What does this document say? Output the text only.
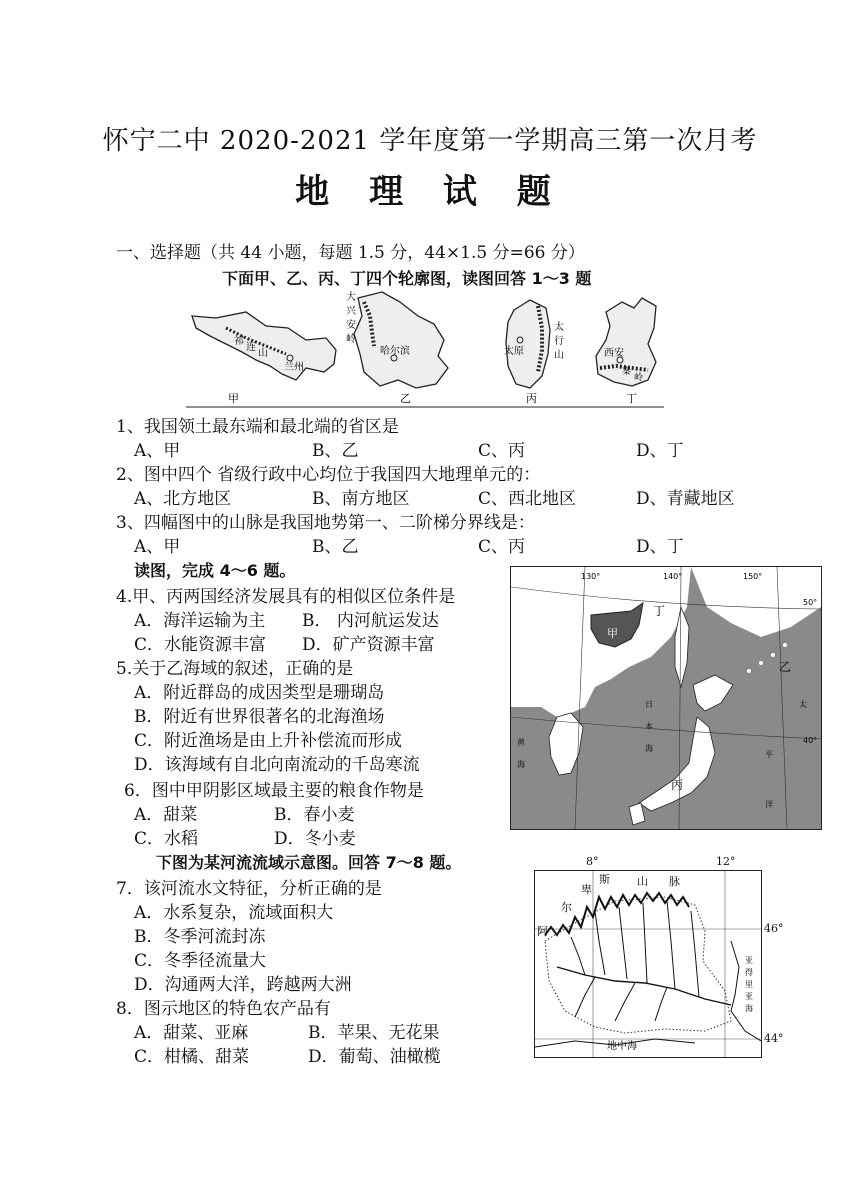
怀宁二中 2020-2021 学年度第一学期高三第一次月考
地 理 试 题
一、选择题（共 44 小题，每题 1.5 分，44×1.5 分=66 分）
下面甲、乙、丙、丁四个轮廓图，读图回答 1～3 题
祁
连
山
兰州
甲
大
兴
安
岭
哈尔滨
乙
太原
太
行
山
丙
西安
秦
岭
丁
1、我国领土最东端和最北端的省区是
A、甲	B、乙	C、丙	D、丁
2、图中四个 省级行政中心均位于我国四大地理单元的：
A、北方地区	B、南方地区	C、西北地区	D、青藏地区
3、四幅图中的山脉是我国地势第一、二阶梯分界线是：
A、甲	B、乙	C、丙	D、丁
读图，完成 4～6 题。	130°	140°	150°
50°
40°
丁
甲
乙
丙
日
本
海
太
平
洋
黄
海
4.甲、丙两国经济发展具有的相似区位条件是
A．海洋运输为主 B． 内河航运发达
C．水能资源丰富 D．矿产资源丰富
5.关于乙海域的叙述，正确的是
A．附近群岛的成因类型是珊瑚岛
B．附近有世界很著名的北海渔场
C．附近渔场是由上升补偿流而形成
D．该海域有自北向南流动的千岛寒流
6．图中甲阴影区域最主要的粮食作物是
A．甜菜	B．春小麦
C．水稻	D．冬小麦
下图为某河流流域示意图。回答 7～8 题。	8°	12°
阿
尔
卑
斯 山 脉
亚
得
里
亚
海
地中海
46°
44°
7．该河流水文特征，分析正确的是
A．水系复杂，流域面积大
B．冬季河流封冻
C．冬季径流量大
D．沟通两大洋，跨越两大洲
8．图示地区的特色农产品有
A．甜菜、亚麻	B．苹果、无花果
C．柑橘、甜菜	D．葡萄、油橄榄
